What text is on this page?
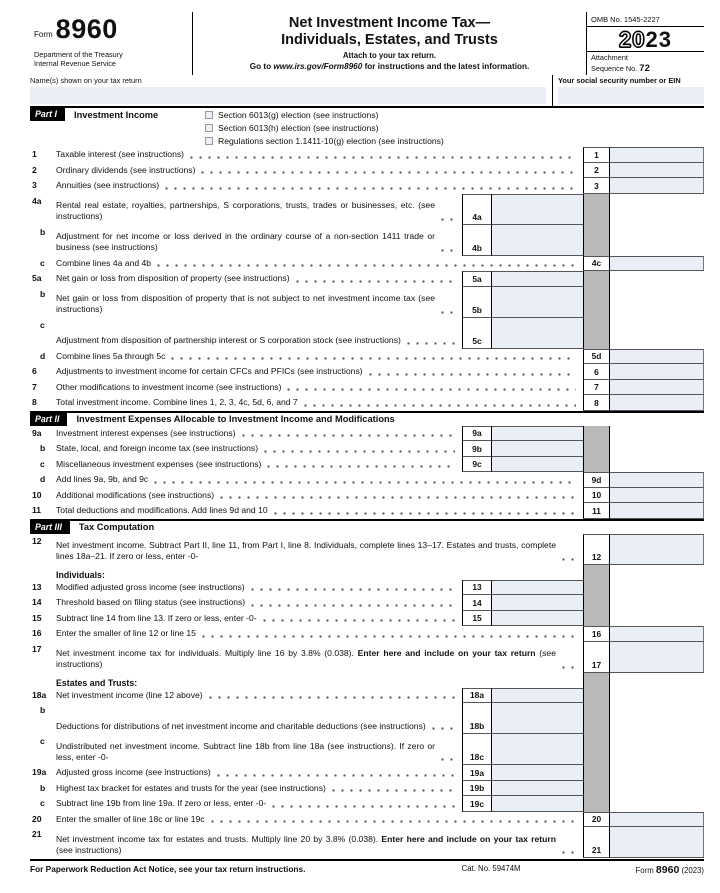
Form 8960
Department of the Treasury
Internal Revenue Service
Net Investment Income Tax—
Individuals, Estates, and Trusts
Attach to your tax return.
Go to www.irs.gov/Form8960 for instructions and the latest information.
OMB No. 1545-2227
2023
Attachment
Sequence No. 72
Name(s) shown on your tax return	Your social security number or EIN
Part I	Investment Income	Section 6013(g) election (see instructions)
Section 6013(h) election (see instructions)
Regulations section 1.1411-10(g) election (see instructions)
1	Taxable interest (see instructions)	1
2	Ordinary dividends (see instructions)	2
3	Annuities (see instructions)	3
4a	Rental real estate, royalties, partnerships, S corporations, trusts, trades or businesses, etc. (see instructions)	4a
b	Adjustment for net income or loss derived in the ordinary course of a non-section 1411 trade or business (see instructions)	4b
c	Combine lines 4a and 4b	4c
5a	Net gain or loss from disposition of property (see instructions)	5a
b	Net gain or loss from disposition of property that is not subject to net investment income tax (see instructions)	5b
c
Adjustment from disposition of partnership interest or S corporation stock (see instructions)	5c
d	Combine lines 5a through 5c	5d
6	Adjustments to investment income for certain CFCs and PFICs (see instructions)	6
7	Other modifications to investment income (see instructions)	7
8	Total investment income. Combine lines 1, 2, 3, 4c, 5d, 6, and 7	8
Part II	Investment Expenses Allocable to Investment Income and Modifications
9a	Investment interest expenses (see instructions)	9a
b	State, local, and foreign income tax (see instructions)	9b
c	Miscellaneous investment expenses (see instructions)	9c
d	Add lines 9a, 9b, and 9c	9d
10	Additional modifications (see instructions)	10
11	Total deductions and modifications. Add lines 9d and 10	11
Part III	Tax Computation
12	Net investment income. Subtract Part II, line 11, from Part I, line 8. Individuals, complete lines 13–17. Estates and trusts, complete lines 18a–21. If zero or less, enter -0-	12
Individuals:
13	Modified adjusted gross income (see instructions)	13
14	Threshold based on filing status (see instructions)	14
15	Subtract line 14 from line 13. If zero or less, enter -0-	15
16	Enter the smaller of line 12 or line 15	16
17	Net investment income tax for individuals. Multiply line 16 by 3.8% (0.038). Enter here and include on your tax return (see instructions)	17
Estates and Trusts:
18a	Net investment income (line 12 above)	18a
b
Deductions for distributions of net investment income and charitable deductions (see instructions)	18b
c	Undistributed net investment income. Subtract line 18b from line 18a (see instructions). If zero or less, enter -0-	18c
19a	Adjusted gross income (see instructions)	19a
b	Highest tax bracket for estates and trusts for the year (see instructions)	19b
c	Subtract line 19b from line 19a. If zero or less, enter -0-	19c
20	Enter the smaller of line 18c or line 19c	20
21	Net investment income tax for estates and trusts. Multiply line 20 by 3.8% (0.038). Enter here and include on your tax return (see instructions)	21
For Paperwork Reduction Act Notice, see your tax return instructions.	Cat. No. 59474M	Form 8960 (2023)
